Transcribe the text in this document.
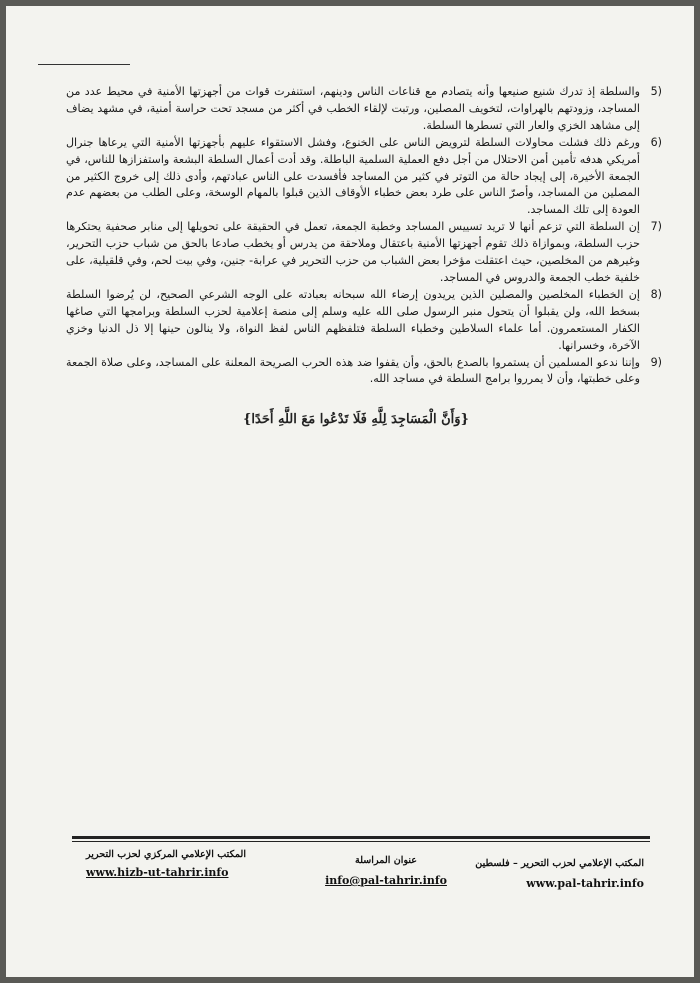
5)
والسلطة إذ تدرك شنيع صنيعها وأنه يتصادم مع قناعات الناس ودينهم، استنفرت قوات من أجهزتها الأمنية في محيط عدد من المساجد، وزودتهم بالهراوات، لتخويف المصلين، ورتبت لإلقاء الخطب في أكثر من مسجد تحت حراسة أمنية، في مشهد يضاف إلى مشاهد الخزي والعار التي تسطرها السلطة.
6)
ورغم ذلك فشلت محاولات السلطة لترويض الناس على الخنوع، وفشل الاستقواء عليهم بأجهزتها الأمنية التي يرعاها جنرال أمريكي هدفه تأمين أمن الاحتلال من أجل دفع العملية السلمية الباطلة. وقد أدت أعمال السلطة البشعة واستفزازها للناس، في الجمعة الأخيرة، إلى إيجاد حالة من التوتر في كثير من المساجد فأفسدت على الناس عبادتهم، وأدى ذلك إلى خروج الكثير من المصلين من المساجد، وأصرّ الناس على طرد بعض خطباء الأوقاف الذين قبلوا بالمهام الوسخة، وعلى الطلب من بعضهم عدم العودة إلى تلك المساجد.
7)
إن السلطة التي تزعم أنها لا تريد تسييس المساجد وخطبة الجمعة، تعمل في الحقيقة على تحويلها إلى منابر صحفية يحتكرها حزب السلطة، وبموازاة ذلك تقوم أجهزتها الأمنية باعتقال وملاحقة من يدرس أو يخطب صادعا بالحق من شباب حزب التحرير، وغيرهم من المخلصين، حيث اعتقلت مؤخرا بعض الشباب من حزب التحرير في عرابة- جنين، وفي بيت لحم، وفي قلقيلية، على خلفية خطب الجمعة والدروس في المساجد.
8)
إن الخطباء المخلصين والمصلين الذين يريدون إرضاء الله سبحانه بعبادته على الوجه الشرعي الصحيح، لن يُرضوا السلطة بسخط الله، ولن يقبلوا أن يتحول منبر الرسول صلى الله عليه وسلم إلى منصة إعلامية لحزب السلطة وبرامجها التي صاغها الكفار المستعمرون. أما علماء السلاطين وخطباء السلطة فتلفظهم الناس لفظ النواة، ولا ينالون حينها إلا ذل الدنيا وخزي الآخرة، وخسرانها.
9)
وإننا ندعو المسلمين أن يستمروا بالصدع بالحق، وأن يقفوا ضد هذه الحرب الصريحة المعلنة على المساجد، وعلى صلاة الجمعة وعلى خطبتها، وأن لا يمرروا برامج السلطة في مساجد الله.
{وَأَنَّ الْمَسَاجِدَ لِلَّهِ فَلَا تَدْعُوا مَعَ اللَّهِ أَحَدًا}
المكتب الإعلامي المركزي لحزب التحرير
www.hizb-ut-tahrir.info
عنوان المراسلة
info@pal-tahrir.info
المكتب الإعلامي لحزب التحرير – فلسطين
www.pal-tahrir.info
